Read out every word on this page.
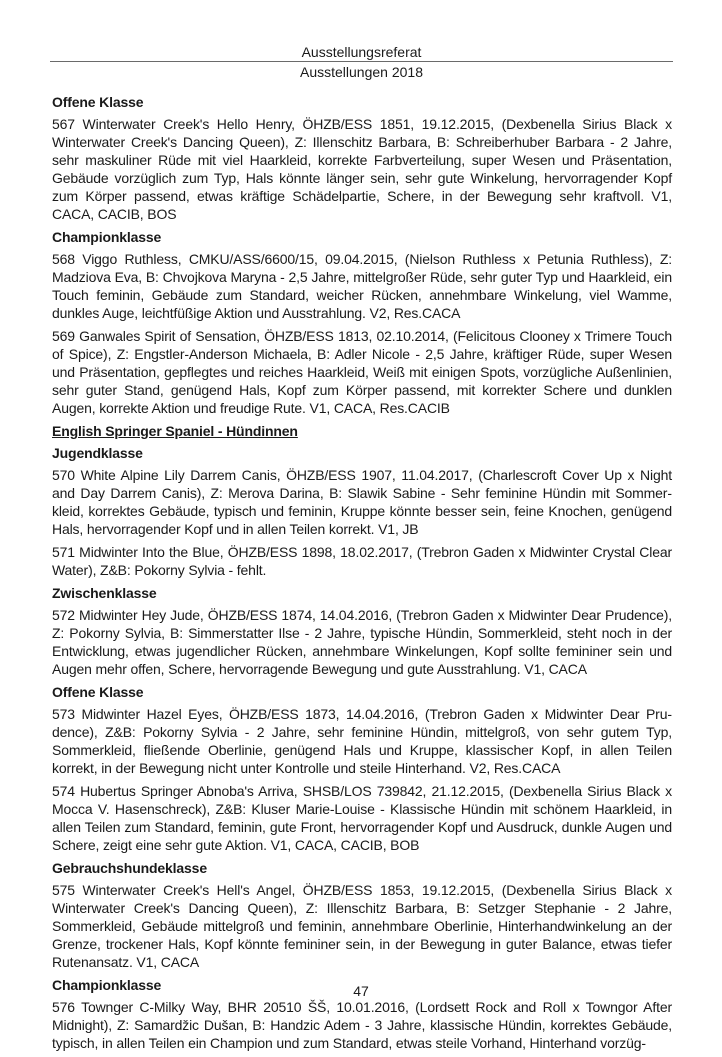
Ausstellungsreferat
Ausstellungen 2018
Offene Klasse

567 Winterwater Creek's Hello Henry, ÖHZB/ESS 1851, 19.12.2015, (Dexbenella Sirius Black x Winterwater Creek's Dancing Queen), Z: Illenschitz Barbara, B: Schreiberhuber Barbara - 2 Jahre, sehr maskuliner Rüde mit viel Haarkleid, korrekte Farbverteilung, super Wesen und Präsentation, Gebäude vorzüglich zum Typ, Hals könnte länger sein, sehr gute Winkelung, hervorragender Kopf zum Körper passend, etwas kräftige Schädelpartie, Schere, in der Bewegung sehr kraftvoll. V1, CACA, CACIB, BOS

Championklasse

568 Viggo Ruthless, CMKU/ASS/6600/15, 09.04.2015, (Nielson Ruthless x Petunia Ruthless), Z: Madziova Eva, B: Chvojkova Maryna - 2,5 Jahre, mittelgroßer Rüde, sehr guter Typ und Haarkleid, ein Touch feminin, Gebäude zum Standard, weicher Rücken, annehmbare Winkelung, viel Wamme, dunkles Auge, leichtfüßige Aktion und Ausstrahlung. V2, Res.CACA

569 Ganwales Spirit of Sensation, ÖHZB/ESS 1813, 02.10.2014, (Felicitous Clooney x Trimere Touch of Spice), Z: Engstler-Anderson Michaela, B: Adler Nicole - 2,5 Jahre, kräftiger Rüde, super Wesen und Präsentation, gepflegtes und reiches Haarkleid, Weiß mit einigen Spots, vorzügliche Außenlinien, sehr guter Stand, genügend Hals, Kopf zum Körper passend, mit korrekter Schere und dunklen Augen, korrekte Aktion und freudige Rute. V1, CACA, Res.CACIB

English Springer Spaniel - Hündinnen
Jugendklasse

570 White Alpine Lily Darrem Canis, ÖHZB/ESS 1907, 11.04.2017, (Charlescroft Cover Up x Night and Day Darrem Canis), Z: Merova Darina, B: Slawik Sabine - Sehr feminine Hündin mit Sommerkleid, korrektes Gebäude, typisch und feminin, Kruppe könnte besser sein, feine Knochen, genügend Hals, hervorragender Kopf und in allen Teilen korrekt. V1, JB

571 Midwinter Into the Blue, ÖHZB/ESS 1898, 18.02.2017, (Trebron Gaden x Midwinter Crystal Clear Water), Z&B: Pokorny Sylvia - fehlt.

Zwischenklasse

572 Midwinter Hey Jude, ÖHZB/ESS 1874, 14.04.2016, (Trebron Gaden x Midwinter Dear Prudence), Z: Pokorny Sylvia, B: Simmerstatter Ilse - 2 Jahre, typische Hündin, Sommerkleid, steht noch in der Entwicklung, etwas jugendlicher Rücken, annehmbare Winkelungen, Kopf sollte femininer sein und Augen mehr offen, Schere, hervorragende Bewegung und gute Ausstrahlung. V1, CACA

Offene Klasse

573 Midwinter Hazel Eyes, ÖHZB/ESS 1873, 14.04.2016, (Trebron Gaden x Midwinter Dear Prudence), Z&B: Pokorny Sylvia - 2 Jahre, sehr feminine Hündin, mittelgroß, von sehr gutem Typ, Sommerkleid, fließende Oberlinie, genügend Hals und Kruppe, klassischer Kopf, in allen Teilen korrekt, in der Bewegung nicht unter Kontrolle und steile Hinterhand. V2, Res.CACA

574 Hubertus Springer Abnoba's Arriva, SHSB/LOS 739842, 21.12.2015, (Dexbenella Sirius Black x Mocca V. Hasenschreck), Z&B: Kluser Marie-Louise - Klassische Hündin mit schönem Haarkleid, in allen Teilen zum Standard, feminin, gute Front, hervorragender Kopf und Ausdruck, dunkle Augen und Schere, zeigt eine sehr gute Aktion. V1, CACA, CACIB, BOB

Gebrauchshundeklasse

575 Winterwater Creek's Hell's Angel, ÖHZB/ESS 1853, 19.12.2015, (Dexbenella Sirius Black x Winterwater Creek's Dancing Queen), Z: Illenschitz Barbara, B: Setzger Stephanie - 2 Jahre, Sommerkleid, Gebäude mittelgroß und feminin, annehmbare Oberlinie, Hinterhandwinkelung an der Grenze, trockener Hals, Kopf könnte femininer sein, in der Bewegung in guter Balance, etwas tiefer Rutenansatz. V1, CACA

Championklasse

576 Townger C-Milky Way, BHR 20510 ŠŠ, 10.01.2016, (Lordsett Rock and Roll x Towngor After Midnight), Z: Samardžic Dušan, B: Handzic Adem - 3 Jahre, klassische Hündin, korrektes Gebäude, typisch, in allen Teilen ein Champion und zum Standard, etwas steile Vorhand, Hinterhand vorzüg-

47
